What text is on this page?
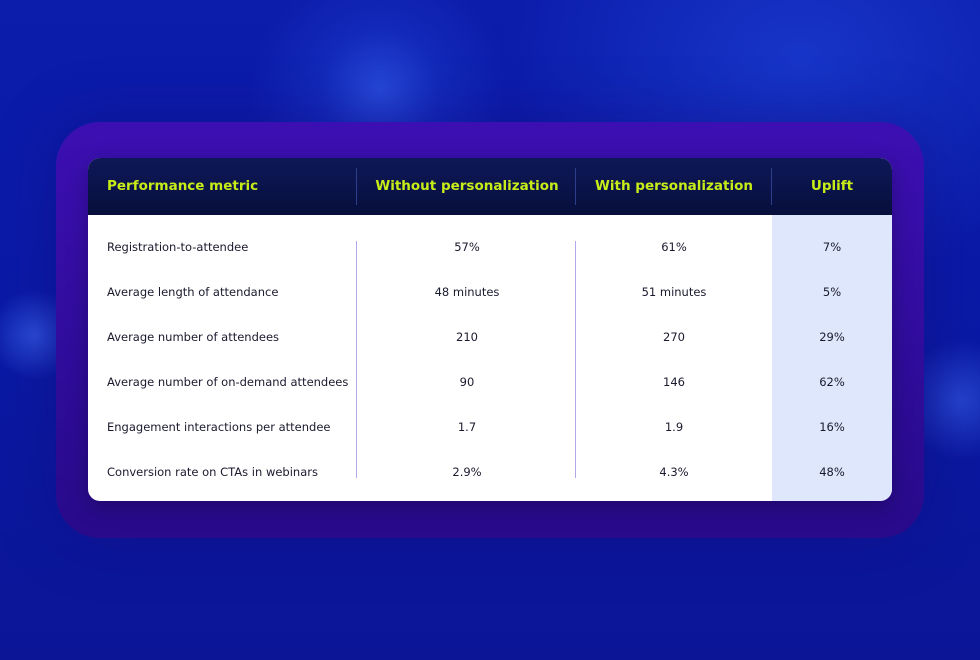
Performance metric	Without personalization	With personalization	Uplift
Registration-to-attendee	57%	61%	7%
Average length of attendance	48 minutes	51 minutes	5%
Average number of attendees	210	270	29%
Average number of on-demand attendees	90	146	62%
Engagement interactions per attendee	1.7	1.9	16%
Conversion rate on CTAs in webinars	2.9%	4.3%	48%
